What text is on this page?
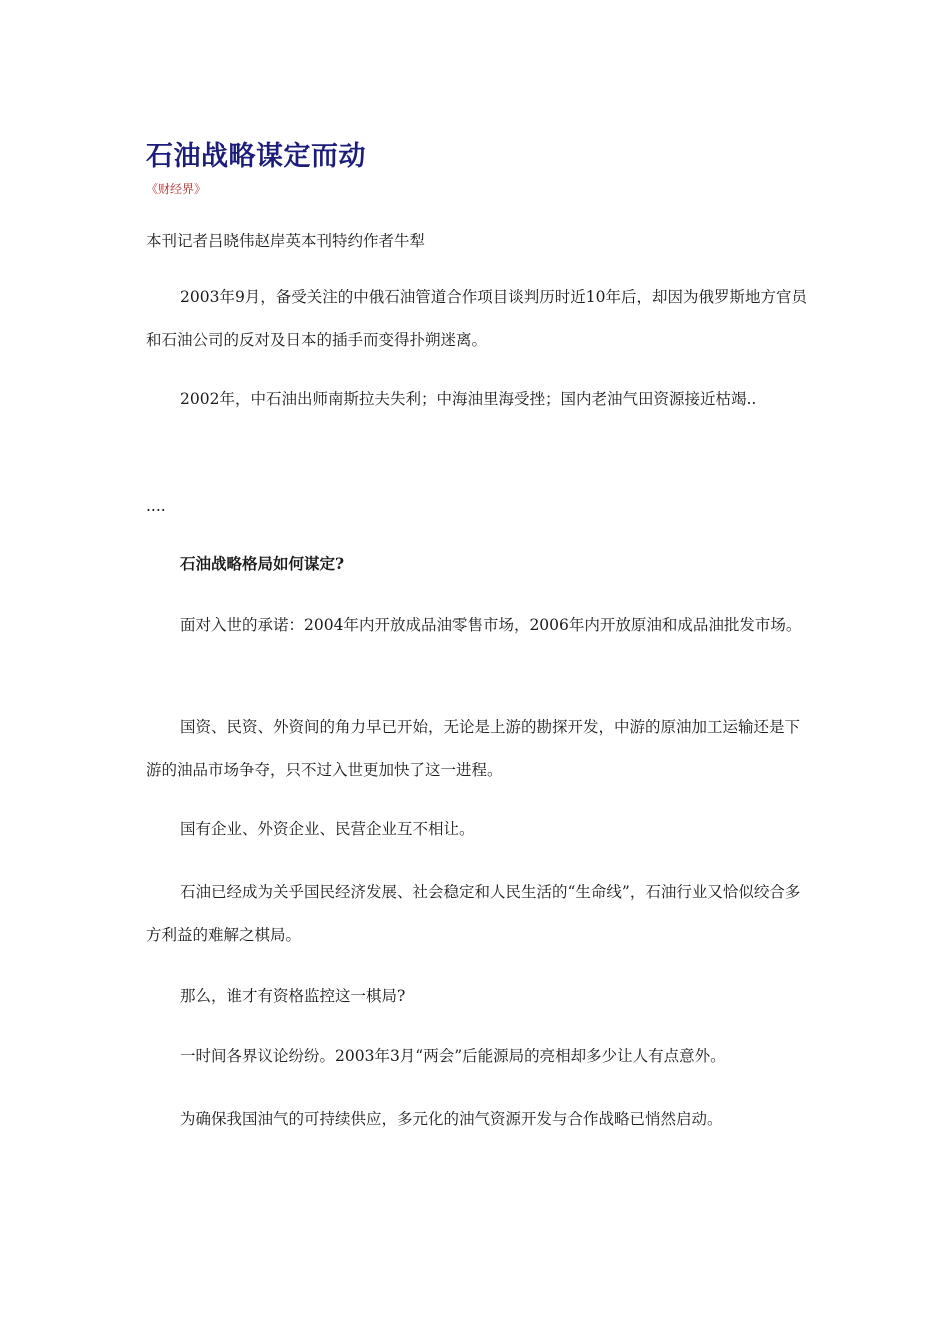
石油战略谋定而动
《财经界》

本刊记者吕晓伟赵岸英本刊特约作者牛犁

2003年9月，备受关注的中俄石油管道合作项目谈判历时近10年后，却因为俄罗斯地方官员和石油公司的反对及日本的插手而变得扑朔迷离。

2002年，中石油出师南斯拉夫失利；中海油里海受挫；国内老油气田资源接近枯竭..

....

石油战略格局如何谋定?

面对入世的承诺：2004年内开放成品油零售市场，2006年内开放原油和成品油批发市场。

国资、民资、外资间的角力早已开始，无论是上游的勘探开发，中游的原油加工运输还是下游的油品市场争夺，只不过入世更加快了这一进程。

国有企业、外资企业、民营企业互不相让。

石油已经成为关乎国民经济发展、社会稳定和人民生活的“生命线”，石油行业又恰似绞合多方利益的难解之棋局。

那么，谁才有资格监控这一棋局?

一时间各界议论纷纷。2003年3月“两会”后能源局的亮相却多少让人有点意外。

为确保我国油气的可持续供应，多元化的油气资源开发与合作战略已悄然启动。
